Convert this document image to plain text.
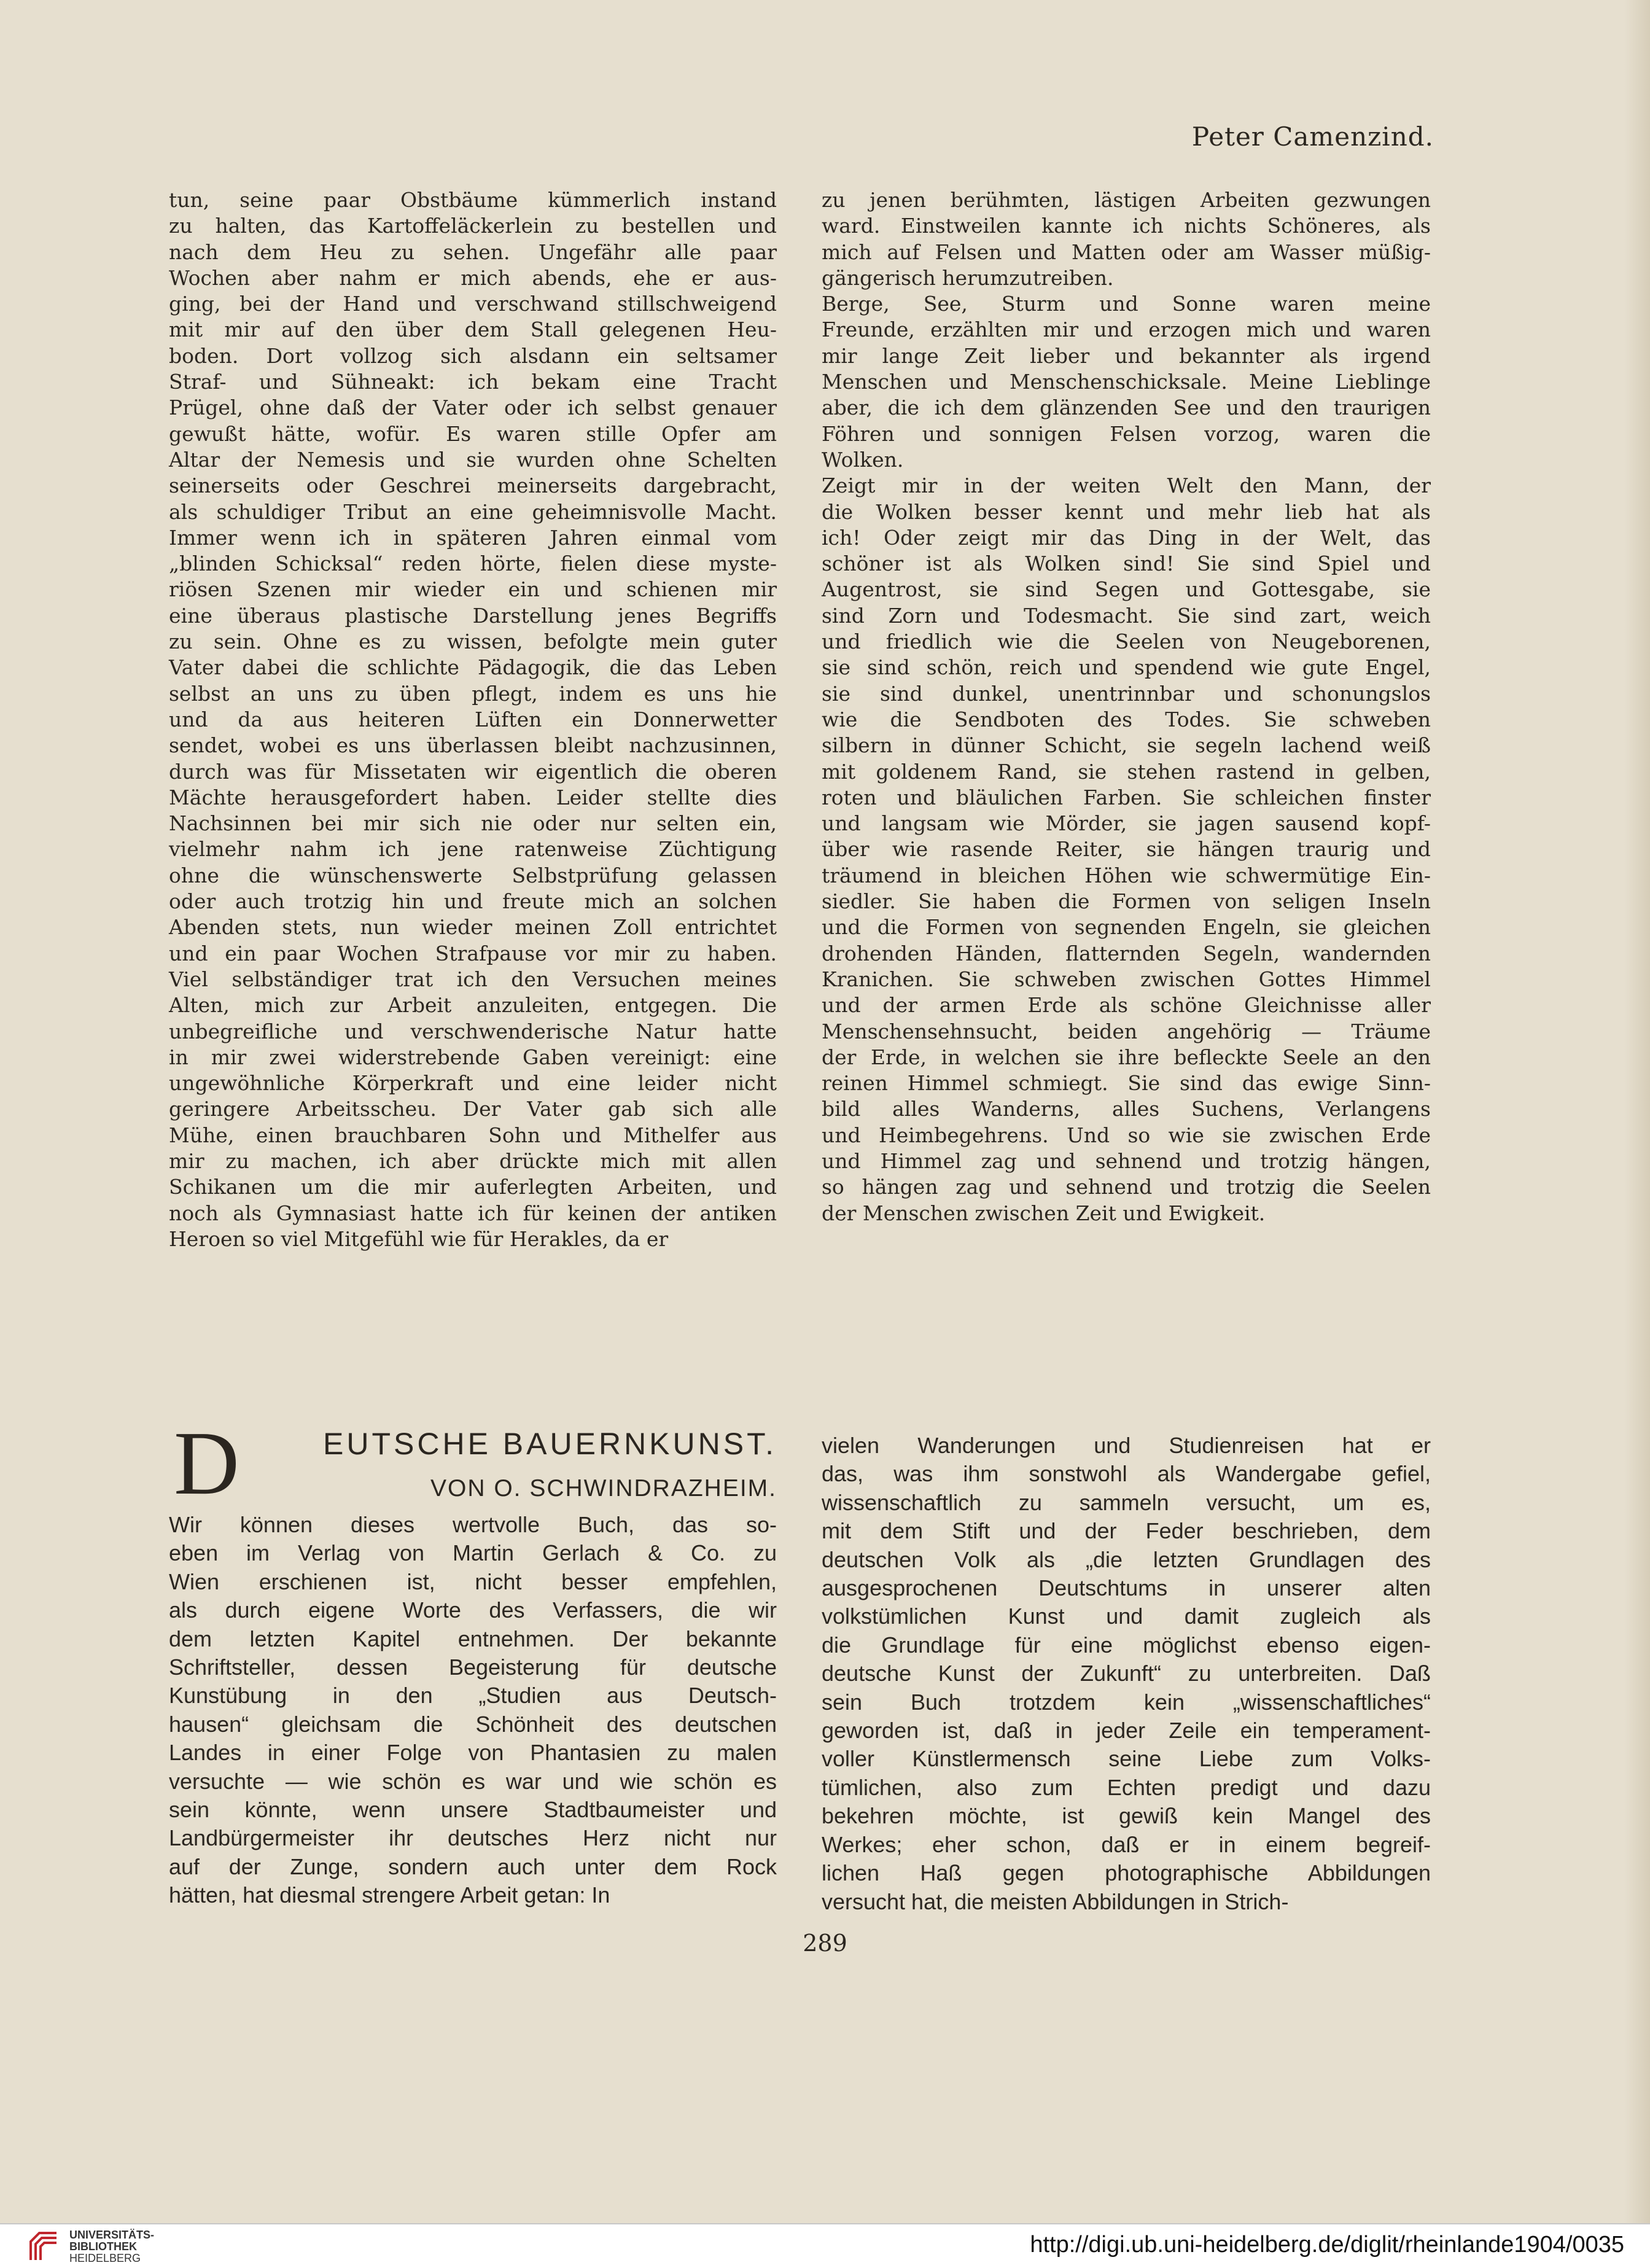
Peter Camenzind.

tun, seine paar Obstbäume kümmerlich instand

zu halten, das Kartoffeläckerlein zu bestellen und

nach dem Heu zu sehen. Ungefähr alle paar

Wochen aber nahm er mich abends, ehe er aus-

ging, bei der Hand und verschwand stillschweigend

mit mir auf den über dem Stall gelegenen Heu-

boden. Dort vollzog sich alsdann ein seltsamer

Straf- und Sühneakt: ich bekam eine Tracht

Prügel, ohne daß der Vater oder ich selbst genauer

gewußt hätte, wofür. Es waren stille Opfer am

Altar der Nemesis und sie wurden ohne Schelten

seinerseits oder Geschrei meinerseits dargebracht,

als schuldiger Tribut an eine geheimnisvolle Macht.

Immer wenn ich in späteren Jahren einmal vom

„blinden Schicksal“ reden hörte, fielen diese myste-

riösen Szenen mir wieder ein und schienen mir

eine überaus plastische Darstellung jenes Begriffs

zu sein. Ohne es zu wissen, befolgte mein guter

Vater dabei die schlichte Pädagogik, die das Leben

selbst an uns zu üben pflegt, indem es uns hie

und da aus heiteren Lüften ein Donnerwetter

sendet, wobei es uns überlassen bleibt nachzusinnen,

durch was für Missetaten wir eigentlich die oberen

Mächte herausgefordert haben. Leider stellte dies

Nachsinnen bei mir sich nie oder nur selten ein,

vielmehr nahm ich jene ratenweise Züchtigung

ohne die wünschenswerte Selbstprüfung gelassen

oder auch trotzig hin und freute mich an solchen

Abenden stets, nun wieder meinen Zoll entrichtet

und ein paar Wochen Strafpause vor mir zu haben.

Viel selbständiger trat ich den Versuchen meines

Alten, mich zur Arbeit anzuleiten, entgegen. Die

unbegreifliche und verschwenderische Natur hatte

in mir zwei widerstrebende Gaben vereinigt: eine

ungewöhnliche Körperkraft und eine leider nicht

geringere Arbeitsscheu. Der Vater gab sich alle

Mühe, einen brauchbaren Sohn und Mithelfer aus

mir zu machen, ich aber drückte mich mit allen

Schikanen um die mir auferlegten Arbeiten, und

noch als Gymnasiast hatte ich für keinen der antiken

Heroen so viel Mitgefühl wie für Herakles, da er

zu jenen berühmten, lästigen Arbeiten gezwungen

ward. Einstweilen kannte ich nichts Schöneres, als

mich auf Felsen und Matten oder am Wasser müßig-

gängerisch herumzutreiben.

Berge, See, Sturm und Sonne waren meine

Freunde, erzählten mir und erzogen mich und waren

mir lange Zeit lieber und bekannter als irgend

Menschen und Menschenschicksale. Meine Lieblinge

aber, die ich dem glänzenden See und den traurigen

Föhren und sonnigen Felsen vorzog, waren die

Wolken.

Zeigt mir in der weiten Welt den Mann, der

die Wolken besser kennt und mehr lieb hat als

ich! Oder zeigt mir das Ding in der Welt, das

schöner ist als Wolken sind! Sie sind Spiel und

Augentrost, sie sind Segen und Gottesgabe, sie

sind Zorn und Todesmacht. Sie sind zart, weich

und friedlich wie die Seelen von Neugeborenen,

sie sind schön, reich und spendend wie gute Engel,

sie sind dunkel, unentrinnbar und schonungslos

wie die Sendboten des Todes. Sie schweben

silbern in dünner Schicht, sie segeln lachend weiß

mit goldenem Rand, sie stehen rastend in gelben,

roten und bläulichen Farben. Sie schleichen finster

und langsam wie Mörder, sie jagen sausend kopf-

über wie rasende Reiter, sie hängen traurig und

träumend in bleichen Höhen wie schwermütige Ein-

siedler. Sie haben die Formen von seligen Inseln

und die Formen von segnenden Engeln, sie gleichen

drohenden Händen, flatternden Segeln, wandernden

Kranichen. Sie schweben zwischen Gottes Himmel

und der armen Erde als schöne Gleichnisse aller

Menschensehnsucht, beiden angehörig — Träume

der Erde, in welchen sie ihre befleckte Seele an den

reinen Himmel schmiegt. Sie sind das ewige Sinn-

bild alles Wanderns, alles Suchens, Verlangens

und Heimbegehrens. Und so wie sie zwischen Erde

und Himmel zag und sehnend und trotzig hängen,

so hängen zag und sehnend und trotzig die Seelen

der Menschen zwischen Zeit und Ewigkeit.

D	EUTSCHE BAUERNKUNST.
VON O. SCHWINDRAZHEIM.

Wir können dieses wertvolle Buch, das so-

eben im Verlag von Martin Gerlach & Co. zu

Wien erschienen ist, nicht besser empfehlen,

als durch eigene Worte des Verfassers, die wir

dem letzten Kapitel entnehmen. Der bekannte

Schriftsteller, dessen Begeisterung für deutsche

Kunstübung in den „Studien aus Deutsch-

hausen“ gleichsam die Schönheit des deutschen

Landes in einer Folge von Phantasien zu malen

versuchte — wie schön es war und wie schön es

sein könnte, wenn unsere Stadtbaumeister und

Landbürgermeister ihr deutsches Herz nicht nur

auf der Zunge, sondern auch unter dem Rock

hätten, hat diesmal strengere Arbeit getan: In

vielen Wanderungen und Studienreisen hat er

das, was ihm sonstwohl als Wandergabe gefiel,

wissenschaftlich zu sammeln versucht, um es,

mit dem Stift und der Feder beschrieben, dem

deutschen Volk als „die letzten Grundlagen des

ausgesprochenen Deutschtums in unserer alten

volkstümlichen Kunst und damit zugleich als

die Grundlage für eine möglichst ebenso eigen-

deutsche Kunst der Zukunft“ zu unterbreiten. Daß

sein Buch trotzdem kein „wissenschaftliches“

geworden ist, daß in jeder Zeile ein temperament-

voller Künstlermensch seine Liebe zum Volks-

tümlichen, also zum Echten predigt und dazu

bekehren möchte, ist gewiß kein Mangel des

Werkes; eher schon, daß er in einem begreif-

lichen Haß gegen photographische Abbildungen

versucht hat, die meisten Abbildungen in Strich-

289
UNIVERSITÄTS-
BIBLIOTHEK
HEIDELBERG
http://digi.ub.uni-heidelberg.de/diglit/rheinlande1904/0035
